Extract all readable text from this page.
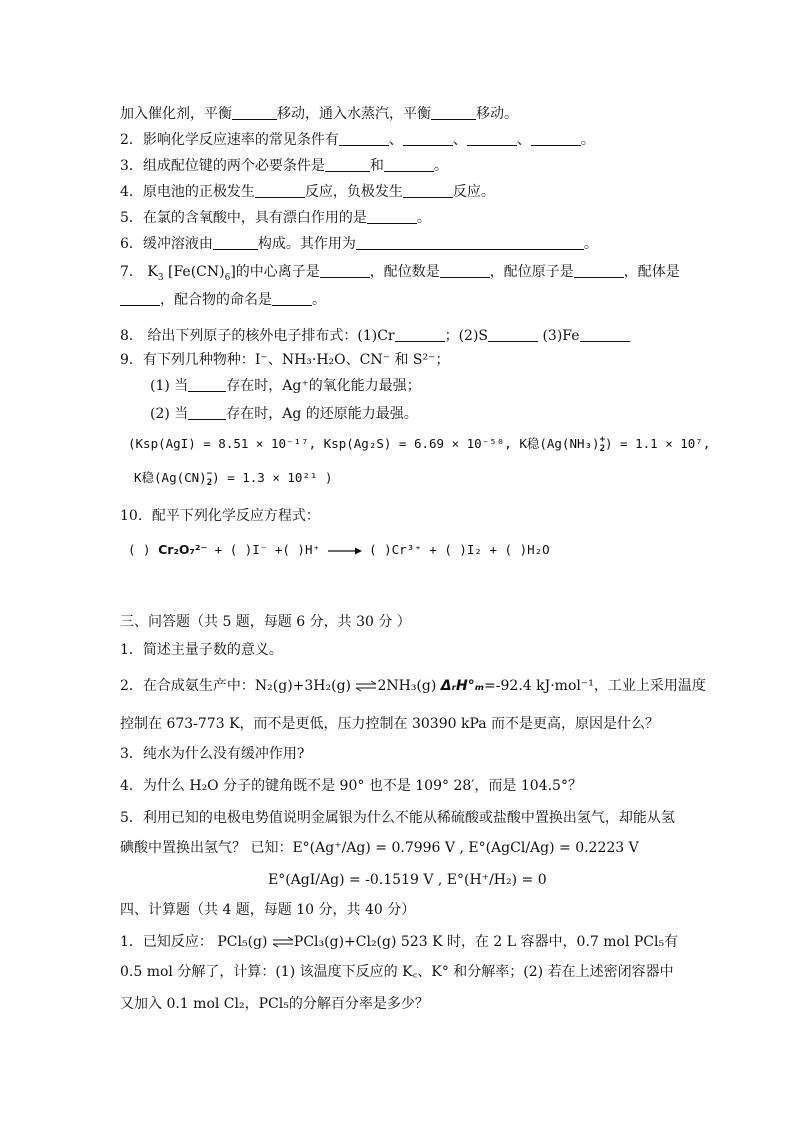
加入催化剂，平衡	移动，通入水蒸汽，平衡	移动。
2．影响化学反应速率的常见条件有	、	、	、	。
3．组成配位键的两个必要条件是	和	。
4．原电池的正极发生	反应，负极发生	反应。
5．在氯的含氧酸中，具有漂白作用的是	。
6．缓冲溶液由	构成。其作用为	。
7． $K_3$ $[Fe(CN)_6]$的中心离子是	，配位数是	，配位原子是	，配体是
，配合物的命名是	。
8． 给出下列原子的核外电子排布式：(1)Cr	；(2)S	(3)Fe
9．有下列几种物种：I⁻、NH₃·H₂O、CN⁻ 和 S²⁻；
(1) 当	存在时，Ag⁺的氧化能力最强；
(2) 当	存在时，Ag 的还原能力最强。
(Ksp(AgI) = 8.51 × 10⁻¹⁷, Ksp(Ag₂S) = 6.69 × 10⁻⁵⁰, K稳(Ag(NH₃) +
2 ) = 1.1 × 10⁷,
K稳(Ag(CN) −
2 ) = 1.3 × 10²¹ )
10．配平下列化学反应方程式：
( ) Cr₂O₇²⁻ + ( )I⁻ +( )H⁺ → ( )Cr³⁺ + ( )I₂ + ( )H₂O
三、问答题（共 5 题，每题 6 分，共 30 分 ）
1．简述主量子数的意义。
2．在合成氨生产中：N₂(g)+3H₂(g) ⇌2NH₃(g) ΔᵣH°ₘ=-92.4 kJ·mol⁻¹，工业上采用温度
控制在 673-773 K，而不是更低，压力控制在 30390 kPa 而不是更高，原因是什么？
3．纯水为什么没有缓冲作用?
4．为什么 H₂O 分子的键角既不是 90° 也不是 109° 28′，而是 104.5°？
5．利用已知的电极电势值说明金属银为什么不能从稀硫酸或盐酸中置换出氢气，却能从氢
碘酸中置换出氢气？ 已知：E°(Ag⁺/Ag) = 0.7996 V , E°(AgCl/Ag) = 0.2223 V
E°(AgI/Ag) = -0.1519 V , E°(H⁺/H₂) = 0
四、计算题（共 4 题，每题 10 分，共 40 分）
1．已知反应： PCl₅(g) ⇌PCl₃(g)+Cl₂(g) 523 K 时，在 2 L 容器中，0.7 mol PCl₅有
0.5 mol 分解了，计算：(1) 该温度下反应的 K꜀、K° 和分解率；(2) 若在上述密闭容器中
又加入 0.1 mol Cl₂，PCl₅的分解百分率是多少？
